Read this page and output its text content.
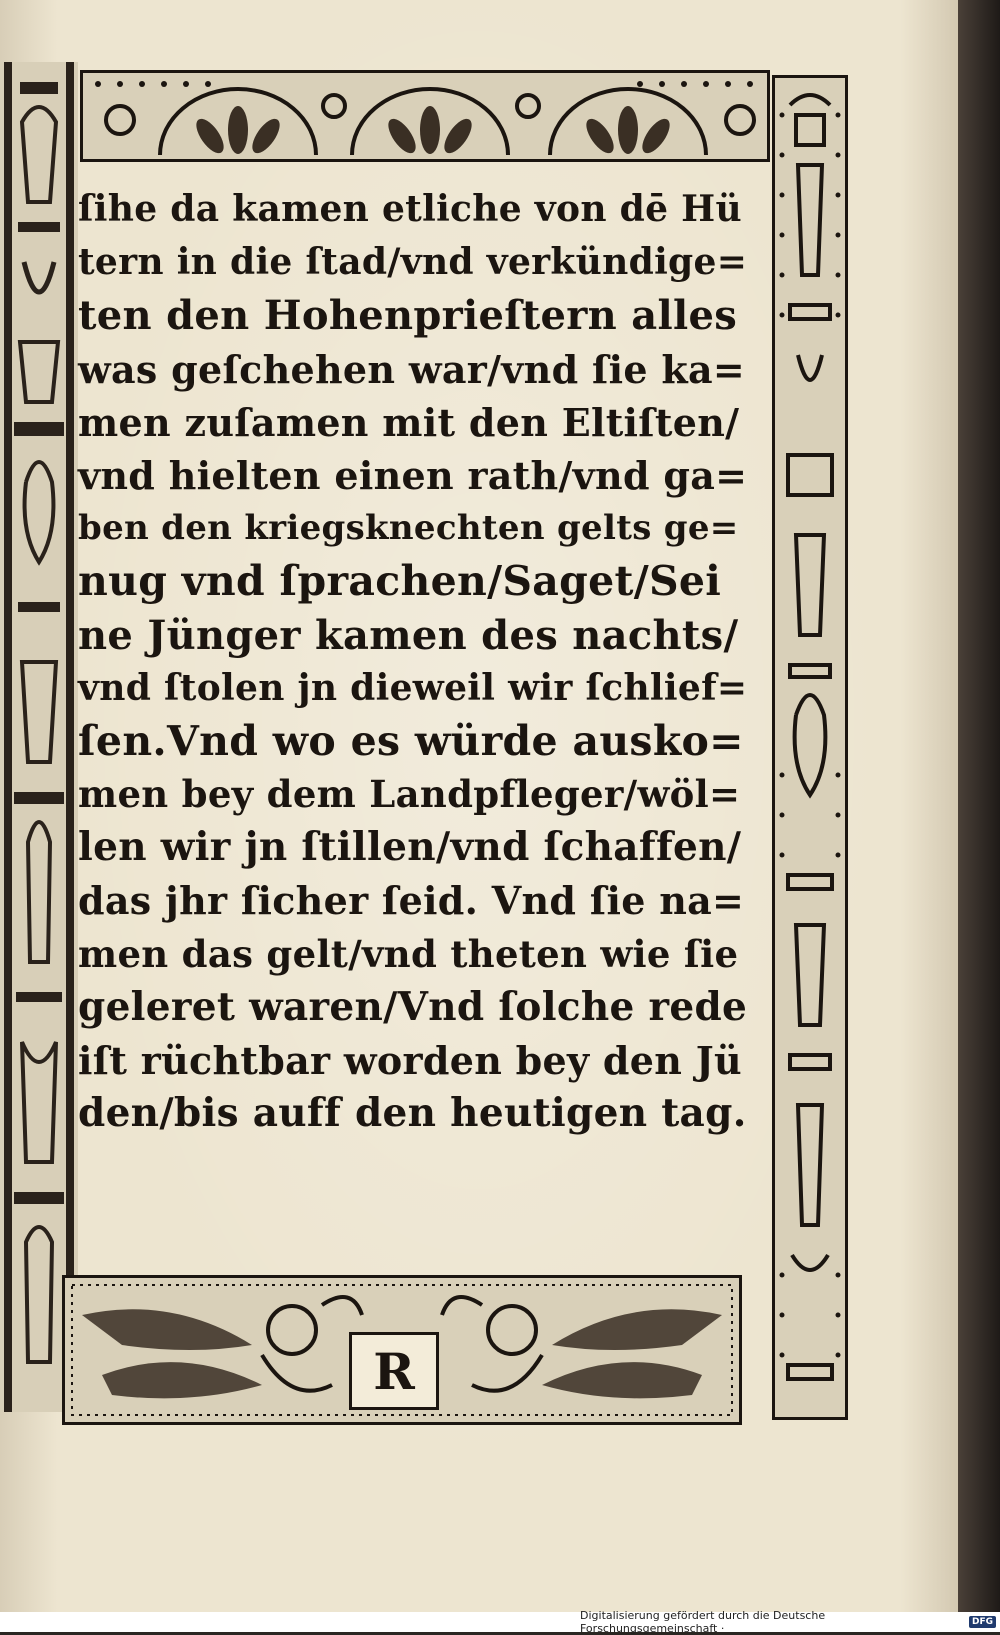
ſihe da kamen etliche von dē Hü
tern in die ſtad/vnd verkündige=
ten den Hohenprieſtern alles
was geſchehen war/vnd ſie ka=
men zuſamen mit den Eltiſten/
vnd hielten einen rath/vnd ga=
ben den kriegsknechten gelts ge=
nug vnd ſprachen/Saget/Sei
ne Jünger kamen des nachts/
vnd ſtolen jn dieweil wir ſchlief=
ſen.Vnd wo es würde ausko=
men bey dem Landpfleger/wöl=
len wir jn ſtillen/vnd ſchaffen/
das jhr ſicher ſeid. Vnd ſie na=
men das gelt/vnd theten wie ſie
geleret waren/Vnd ſolche rede
iſt rüchtbar worden bey den Jü
den/bis auff den heutigen tag.
R
Digitalisierung gefördert durch die Deutsche Forschungsgemeinschaft ·	DFG
